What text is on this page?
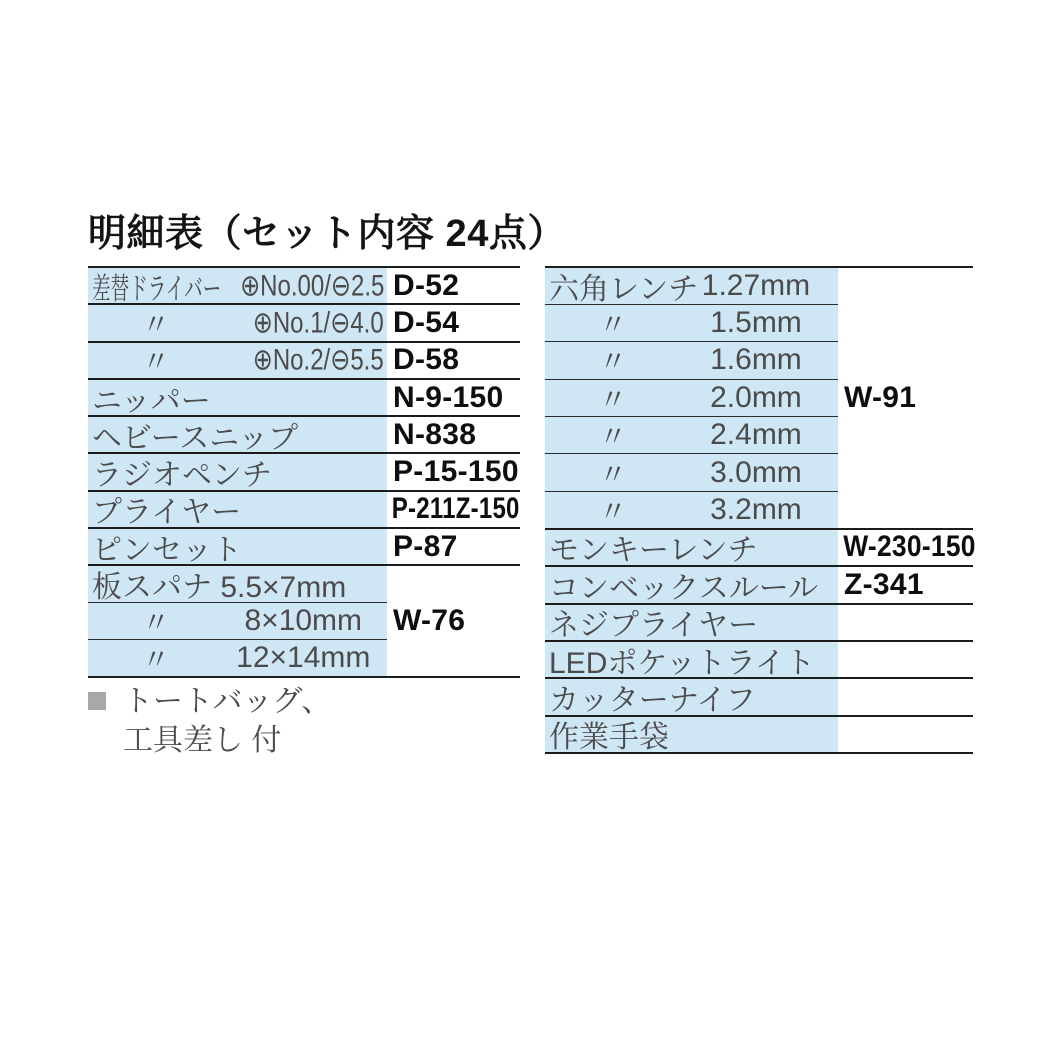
明細表（セット内容 24点）
差替ドライバー ⊕No.00/⊖2.5	D-52

〃 ⊕No.1/⊖4.0	D-54

〃 ⊕No.2/⊖5.5	D-58

ニッパー	N-9-150

ヘビースニップ	N-838

ラジオペンチ	P-15-150

プライヤー	P-211Z-150

ピンセット	P-87

板スパナ 5.5×7mm	W-76

〃 8×10mm	

〃 12×14mm	
六角レンチ 1.27mm	W-91

〃 1.5mm	

〃 1.6mm	

〃 2.0mm	

〃 2.4mm	

〃 3.0mm	

〃 3.2mm	

モンキーレンチ	W-230-150

コンベックスルール	Z-341

ネジプライヤー	

LEDポケットライト	

カッターナイフ	

作業手袋	

トートバッグ、
工具差し 付
